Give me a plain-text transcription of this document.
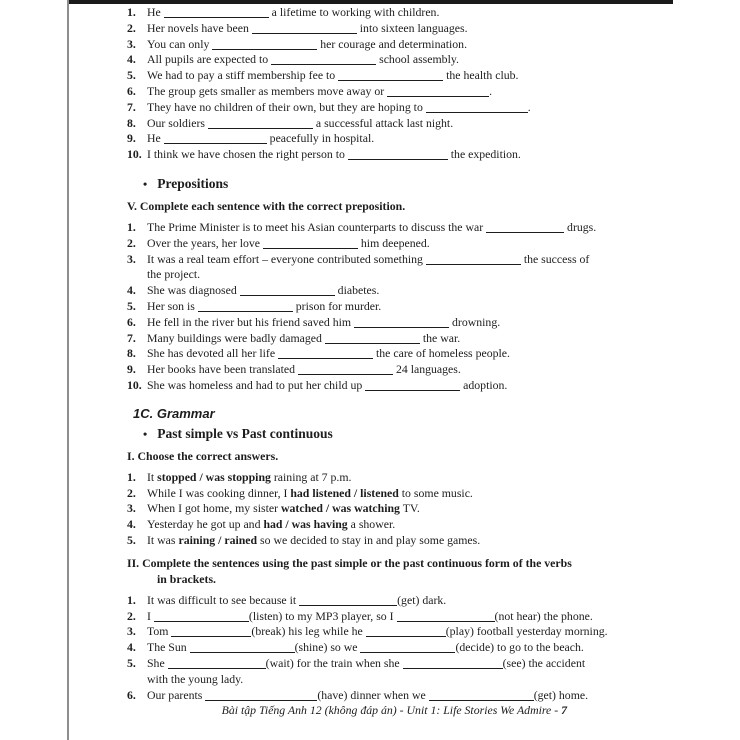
1. He	a lifetime to working with children.
2. Her novels have been	into sixteen languages.
3. You can only	her courage and determination.
4. All pupils are expected to	school assembly.
5. We had to pay a stiff membership fee to	the health club.
6. The group gets smaller as members move away or	.
7. They have no children of their own, but they are hoping to	.
8. Our soldiers	a successful attack last night.
9. He	peacefully in hospital.
10. I think we have chosen the right person to	the expedition.
• Prepositions
V. Complete each sentence with the correct preposition.
1. The Prime Minister is to meet his Asian counterparts to discuss the war	drugs.
2. Over the years, her love	him deepened.
3. It was a real team effort – everyone contributed something	the success of
the project.
4. She was diagnosed	diabetes.
5. Her son is	prison for murder.
6. He fell in the river but his friend saved him	drowning.
7. Many buildings were badly damaged	the war.
8. She has devoted all her life	the care of homeless people.
9. Her books have been translated	24 languages.
10. She was homeless and had to put her child up	adoption.
1C. Grammar
• Past simple vs Past continuous
I. Choose the correct answers.
1. It stopped / was stopping raining at 7 p.m.
2. While I was cooking dinner, I had listened / listened to some music.
3. When I got home, my sister watched / was watching TV.
4. Yesterday he got up and had / was having a shower.
5. It was raining / rained so we decided to stay in and play some games.
II. Complete the sentences using the past simple or the past continuous form of the verbs
in brackets.
1. It was difficult to see because it	(get) dark.
2. I	(listen) to my MP3 player, so I	(not hear) the phone.
3. Tom	(break) his leg while he	(play) football yesterday morning.
4. The Sun	(shine) so we	(decide) to go to the beach.
5. She	(wait) for the train when she	(see) the accident
with the young lady.
6. Our parents	(have) dinner when we	(get) home.
Bài tập Tiếng Anh 12 (không đáp án) - Unit 1: Life Stories We Admire - 7
